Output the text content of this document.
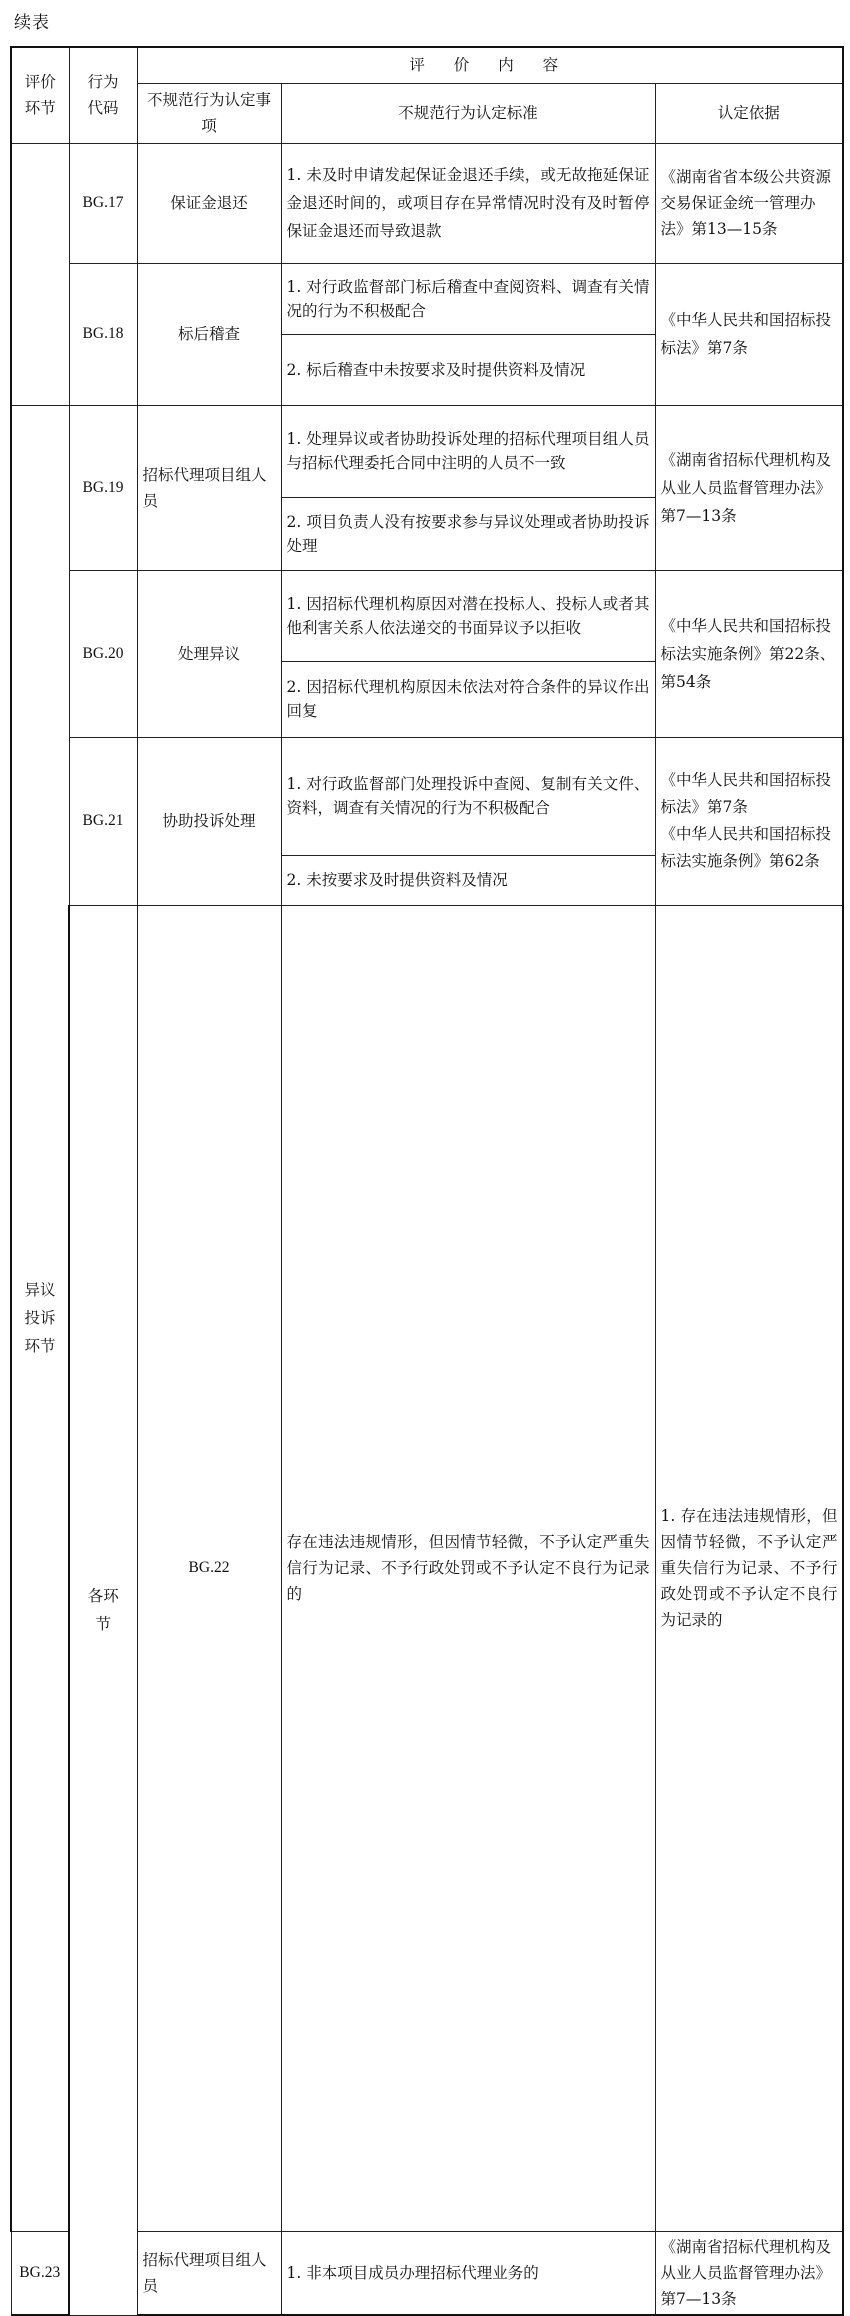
续表
评价环节	行为代码	评 价 内 容			
		不规范行为认定事项	不规范行为认定标准	认定依据	
	BG.17	保证金退还	1. 未及时申请发起保证金退还手续，或无故拖延保证金退还时间的，或项目存在异常情况时没有及时暂停保证金退还而导致退款	《湖南省省本级公共资源交易保证金统一管理办法》第13—15条	
	BG.18	标后稽查	1. 对行政监督部门标后稽查中查阅资料、调查有关情况的行为不积极配合	《中华人民共和国招标投标法》第7条	
			2. 标后稽查中未按要求及时提供资料及情况		
异议投诉环节	BG.19	招标代理项目组人员	1. 处理异议或者协助投诉处理的招标代理项目组人员与招标代理委托合同中注明的人员不一致	《湖南省招标代理机构及从业人员监督管理办法》第7—13条	
			2. 项目负责人没有按要求参与异议处理或者协助投诉处理		
	BG.20	处理异议	1. 因招标代理机构原因对潜在投标人、投标人或者其他利害关系人依法递交的书面异议予以拒收	《中华人民共和国招标投标法实施条例》第22条、第54条	
			2. 因招标代理机构原因未依法对符合条件的异议作出回复		
	BG.21	协助投诉处理	1. 对行政监督部门处理投诉中查阅、复制有关文件、资料，调查有关情况的行为不积极配合	《中华人民共和国招标投标法》第7条
《中华人民共和国招标投标法实施条例》第62条	

			2. 未按要求及时提供资料及情况		
	各环节	BG.22	存在违法违规情形，但因情节轻微，不予认定严重失信行为记录、不予行政处罚或不予认定不良行为记录的	1. 存在违法违规情形，但因情节轻微，不予认定严重失信行为记录、不予行政处罚或不予认定不良行为记录的	
BG.23		招标代理项目组人员	1. 非本项目成员办理招标代理业务的	《湖南省招标代理机构及从业人员监督管理办法》第7—13条	
